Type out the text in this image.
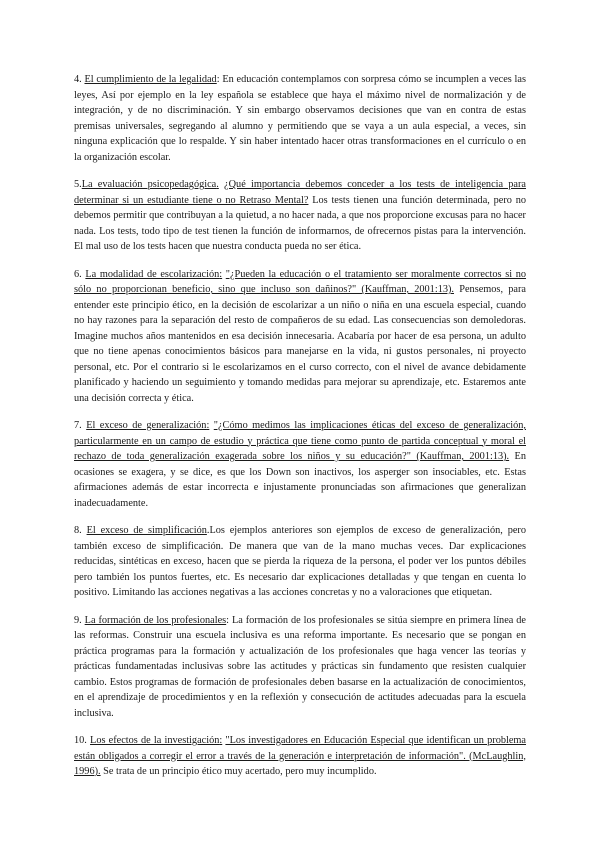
4. El cumplimiento de la legalidad: En educación contemplamos con sorpresa cómo se incumplen a veces las leyes, Así por ejemplo en la ley española se establece que haya el máximo nivel de normalización y de integración, y de no discriminación. Y sin embargo observamos decisiones que van en contra de estas premisas universales, segregando al alumno y permitiendo que se vaya a un aula especial, a veces, sin ninguna explicación que lo respalde. Y sin haber intentado hacer otras transformaciones en el currículo o en la organización escolar.

5.La evaluación psicopedagógica. ¿Qué importancia debemos conceder a los tests de inteligencia para determinar si un estudiante tiene o no Retraso Mental? Los tests tienen una función determinada, pero no debemos permitir que contribuyan a la quietud, a no hacer nada, a que nos proporcione excusas para no hacer nada. Los tests, todo tipo de test tienen la función de informarnos, de ofrecernos pistas para la intervención. El mal uso de los tests hacen que nuestra conducta pueda no ser ética.

6. La modalidad de escolarización: "¿Pueden la educación o el tratamiento ser moralmente correctos si no sólo no proporcionan beneficio, sino que incluso son dañinos?" (Kauffman, 2001:13). Pensemos, para entender este principio ético, en la decisión de escolarizar a un niño o niña en una escuela especial, cuando no hay razones para la separación del resto de compañeros de su edad. Las consecuencias son demoledoras. Imagine muchos años mantenidos en esa decisión innecesaria. Acabaría por hacer de esa persona, un adulto que no tiene apenas conocimientos básicos para manejarse en la vida, ni gustos personales, ni proyecto personal, etc. Por el contrario si le escolarizamos en el curso correcto, con el nivel de avance debidamente planificado y haciendo un seguimiento y tomando medidas para mejorar su aprendizaje, etc. Estaremos ante una decisión correcta y ética.

7. El exceso de generalización: "¿Cómo medimos las implicaciones éticas del exceso de generalización, particularmente en un campo de estudio y práctica que tiene como punto de partida conceptual y moral el rechazo de toda generalización exagerada sobre los niños y su educación?" (Kauffman, 2001:13). En ocasiones se exagera, y se dice, es que los Down son inactivos, los asperger son insociables, etc. Estas afirmaciones además de estar incorrecta e injustamente pronunciadas son afirmaciones que generalizan inadecuadamente.

8. El exceso de simplificación.Los ejemplos anteriores son ejemplos de exceso de generalización, pero también exceso de simplificación. De manera que van de la mano muchas veces. Dar explicaciones reducidas, sintéticas en exceso, hacen que se pierda la riqueza de la persona, el poder ver los puntos débiles pero también los puntos fuertes, etc. Es necesario dar explicaciones detalladas y que tengan en cuenta lo positivo. Limitando las acciones negativas a las acciones concretas y no a valoraciones que etiquetan.

9. La formación de los profesionales: La formación de los profesionales se sitúa siempre en primera línea de las reformas. Construir una escuela inclusiva es una reforma importante. Es necesario que se pongan en práctica programas para la formación y actualización de los profesionales que haga vencer las teorías y prácticas fundamentadas inclusivas sobre las actitudes y prácticas sin fundamento que resisten cualquier cambio. Estos programas de formación de profesionales deben basarse en la actualización de conocimientos, en el aprendizaje de procedimientos y en la reflexión y consecución de actitudes adecuadas para la escuela inclusiva.

10. Los efectos de la investigación: "Los investigadores en Educación Especial que identifican un problema están obligados a corregir el error a través de la generación e interpretación de información". (McLaughlin, 1996). Se trata de un principio ético muy acertado, pero muy incumplido.
